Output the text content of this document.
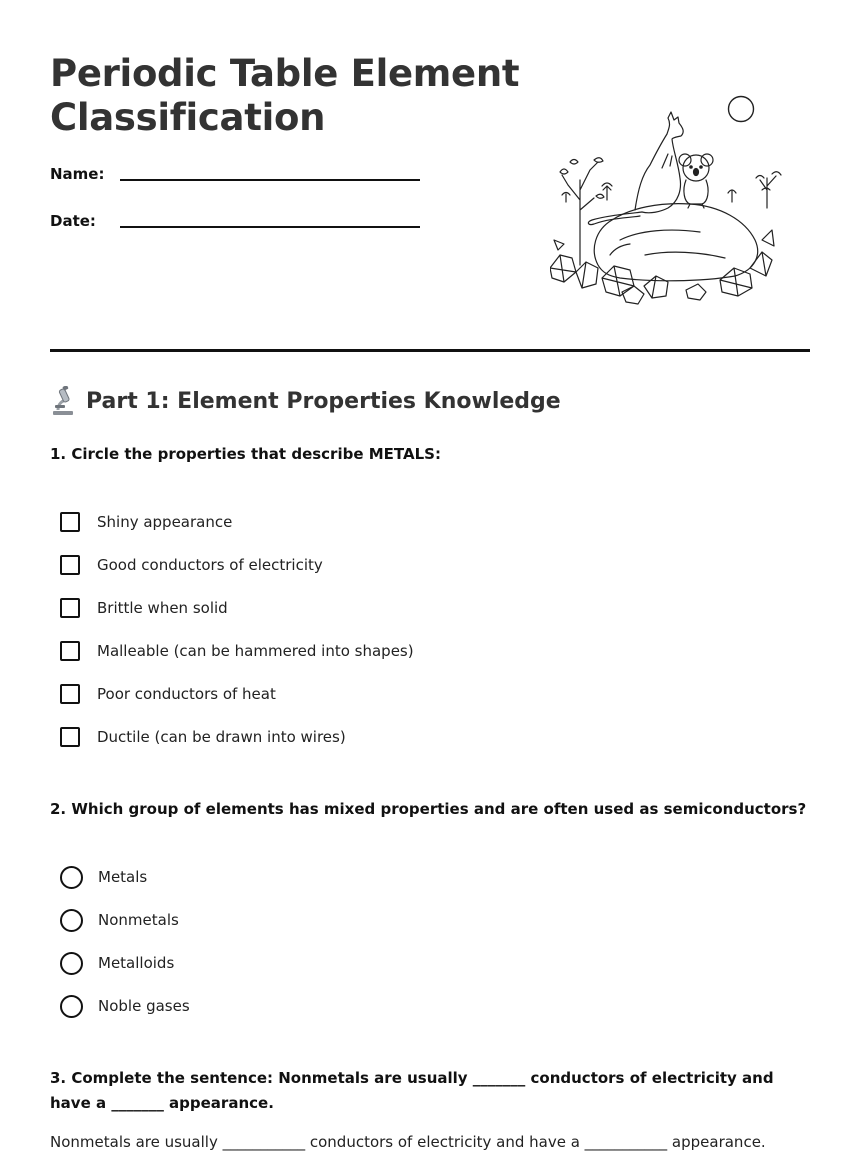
Periodic Table Element Classification
Name:
Date:
Part 1: Element Properties Knowledge

1. Circle the properties that describe METALS:

Shiny appearance
Good conductors of electricity
Brittle when solid
Malleable (can be hammered into shapes)
Poor conductors of heat
Ductile (can be drawn into wires)

2. Which group of elements has mixed properties and are often used as semiconductors?

Metals
Nonmetals
Metalloids
Noble gases

3. Complete the sentence: Nonmetals are usually _______ conductors of electricity and have a _______ appearance.

Nonmetals are usually ___________ conductors of electricity and have a ___________ appearance.
